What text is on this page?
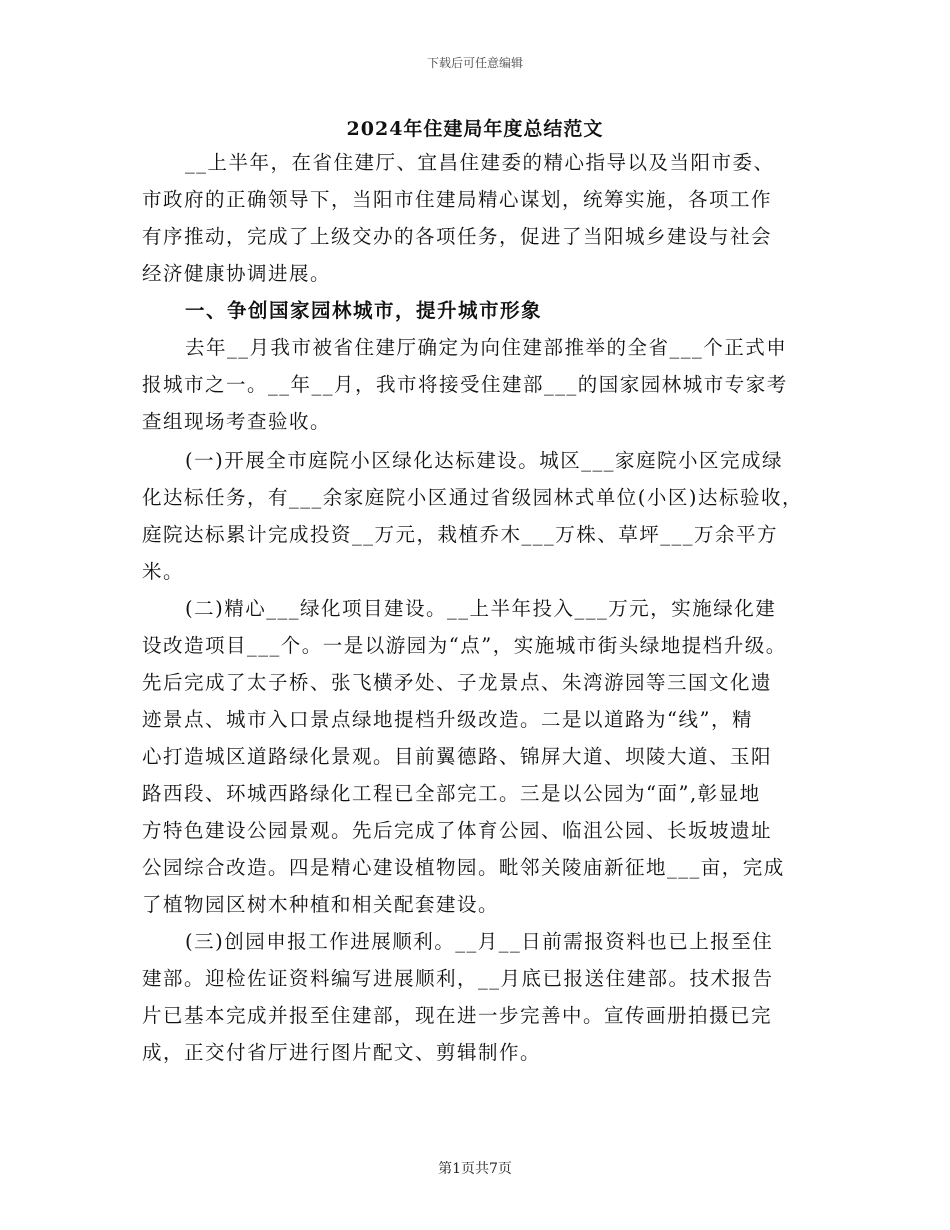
下载后可任意编辑
2024年住建局年度总结范文
__上半年，在省住建厅、宜昌住建委的精心指导以及当阳市委、
市政府的正确领导下，当阳市住建局精心谋划，统筹实施，各项工作
有序推动，完成了上级交办的各项任务，促进了当阳城乡建设与社会
经济健康协调进展。
一、争创国家园林城市，提升城市形象
去年__月我市被省住建厅确定为向住建部推举的全省___个正式申
报城市之一。__年__月，我市将接受住建部___的国家园林城市专家考
查组现场考查验收。
(一)开展全市庭院小区绿化达标建设。城区___家庭院小区完成绿
化达标任务，有___余家庭院小区通过省级园林式单位(小区)达标验收，
庭院达标累计完成投资__万元，栽植乔木___万株、草坪___万余平方
米。
(二)精心___绿化项目建设。__上半年投入___万元，实施绿化建
设改造项目___个。一是以游园为“点”，实施城市街头绿地提档升级。
先后完成了太子桥、张飞横矛处、子龙景点、朱湾游园等三国文化遗
迹景点、城市入口景点绿地提档升级改造。二是以道路为“线”，精
心打造城区道路绿化景观。目前翼德路、锦屏大道、坝陵大道、玉阳
路西段、环城西路绿化工程已全部完工。三是以公园为“面”,彰显地
方特色建设公园景观。先后完成了体育公园、临沮公园、长坂坡遗址
公园综合改造。四是精心建设植物园。毗邻关陵庙新征地___亩，完成
了植物园区树木种植和相关配套建设。
(三)创园申报工作进展顺利。__月__日前需报资料也已上报至住
建部。迎检佐证资料编写进展顺利，__月底已报送住建部。技术报告
片已基本完成并报至住建部，现在进一步完善中。宣传画册拍摄已完
成，正交付省厅进行图片配文、剪辑制作。
第1页共7页
